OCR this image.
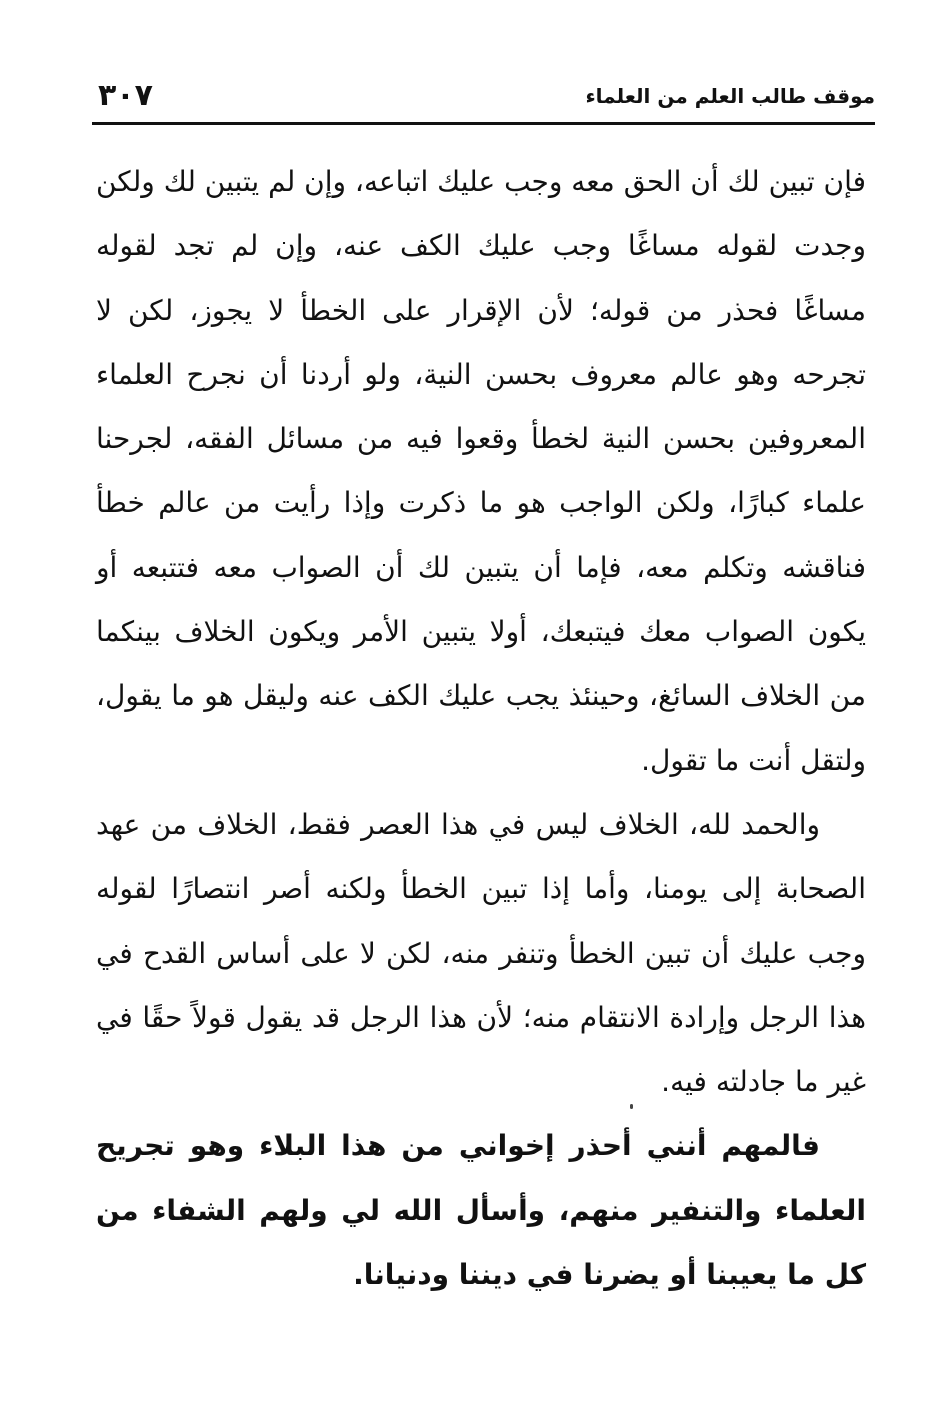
٣٠٧	موقف طالب العلم من العلماء

فإن تبين لك أن الحق معه وجب عليك اتباعه، وإن لم يتبين لك ولكن وجدت لقوله مساغًا وجب عليك الكف عنه، وإن لم تجد لقوله مساغًا فحذر من قوله؛ لأن الإقرار على الخطأ لا يجوز، لكن لا تجرحه وهو عالم معروف بحسن النية، ولو أردنا أن نجرح العلماء المعروفين بحسن النية لخطأ وقعوا فيه من مسائل الفقه، لجرحنا علماء كبارًا، ولكن الواجب هو ما ذكرت وإذا رأيت من عالم خطأ فناقشه وتكلم معه، فإما أن يتبين لك أن الصواب معه فتتبعه أو يكون الصواب معك فيتبعك، أولا يتبين الأمر ويكون الخلاف بينكما من الخلاف السائغ، وحينئذ يجب عليك الكف عنه وليقل هو ما يقول، ولتقل أنت ما تقول.

والحمد لله، الخلاف ليس في هذا العصر فقط، الخلاف من عهد الصحابة إلى يومنا، وأما إذا تبين الخطأ ولكنه أصر انتصارًا لقوله وجب عليك أن تبين الخطأ وتنفر منه، لكن لا على أساس القدح في هذا الرجل وإرادة الانتقام منه؛ لأن هذا الرجل قد يقول قولاً حقًا في غير ما جادلته فيه.

فالمهم أنني أحذر إخواني من هذا البلاء وهو تجريح العلماء والتنفير منهم، وأسأل الله لي ولهم الشفاء من كل ما يعيبنا أو يضرنا في ديننا ودنيانا.
